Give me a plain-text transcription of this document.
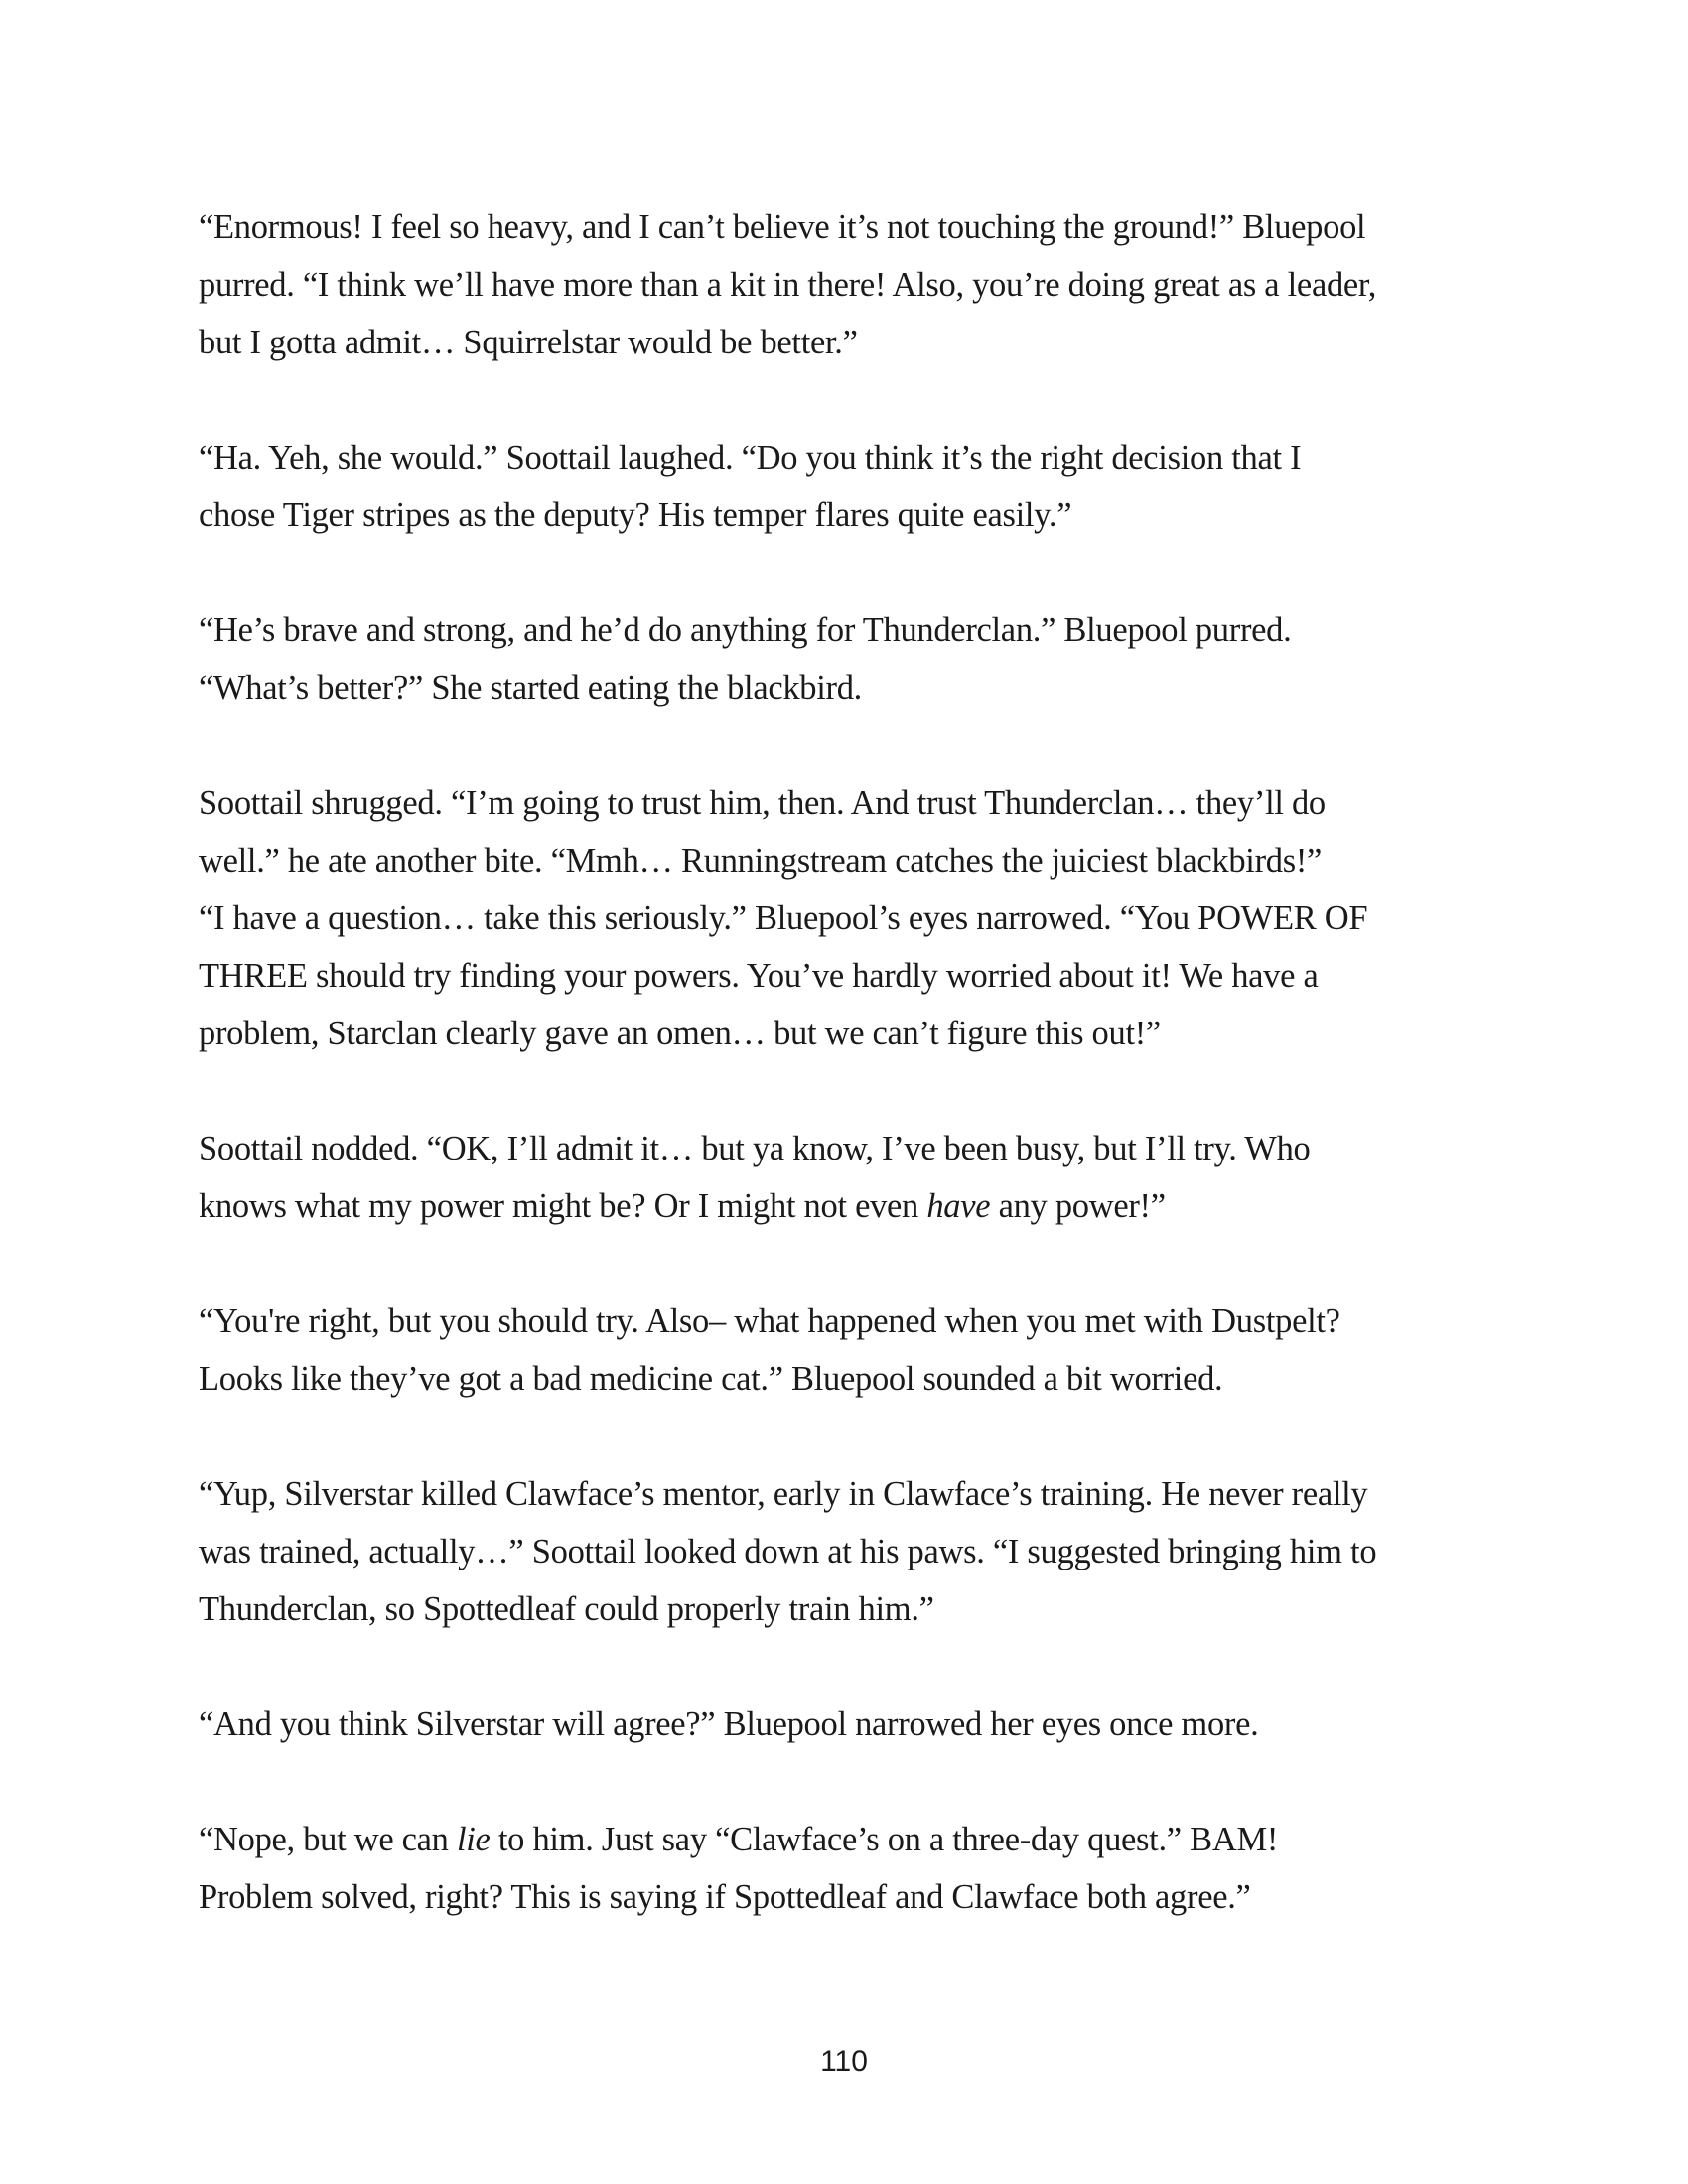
“Enormous! I feel so heavy, and I can’t believe it’s not touching the ground!” Bluepool
purred. “I think we’ll have more than a kit in there! Also, you’re doing great as a leader,
but I gotta admit… Squirrelstar would be better.”

“Ha. Yeh, she would.” Soottail laughed. “Do you think it’s the right decision that I
chose Tiger stripes as the deputy? His temper flares quite easily.”

“He’s brave and strong, and he’d do anything for Thunderclan.” Bluepool purred.
“What’s better?” She started eating the blackbird.

Soottail shrugged. “I’m going to trust him, then. And trust Thunderclan… they’ll do
well.” he ate another bite. “Mmh… Runningstream catches the juiciest blackbirds!”
“I have a question… take this seriously.” Bluepool’s eyes narrowed. “You POWER OF
THREE should try finding your powers. You’ve hardly worried about it! We have a
problem, Starclan clearly gave an omen… but we can’t figure this out!”

Soottail nodded. “OK, I’ll admit it… but ya know, I’ve been busy, but I’ll try. Who
knows what my power might be? Or I might not even have any power!”

“You're right, but you should try. Also– what happened when you met with Dustpelt?
Looks like they’ve got a bad medicine cat.” Bluepool sounded a bit worried.

“Yup, Silverstar killed Clawface’s mentor, early in Clawface’s training. He never really
was trained, actually…” Soottail looked down at his paws. “I suggested bringing him to
Thunderclan, so Spottedleaf could properly train him.”

“And you think Silverstar will agree?” Bluepool narrowed her eyes once more.

“Nope, but we can lie to him. Just say “Clawface’s on a three-day quest.” BAM!
Problem solved, right? This is saying if Spottedleaf and Clawface both agree.”

110
